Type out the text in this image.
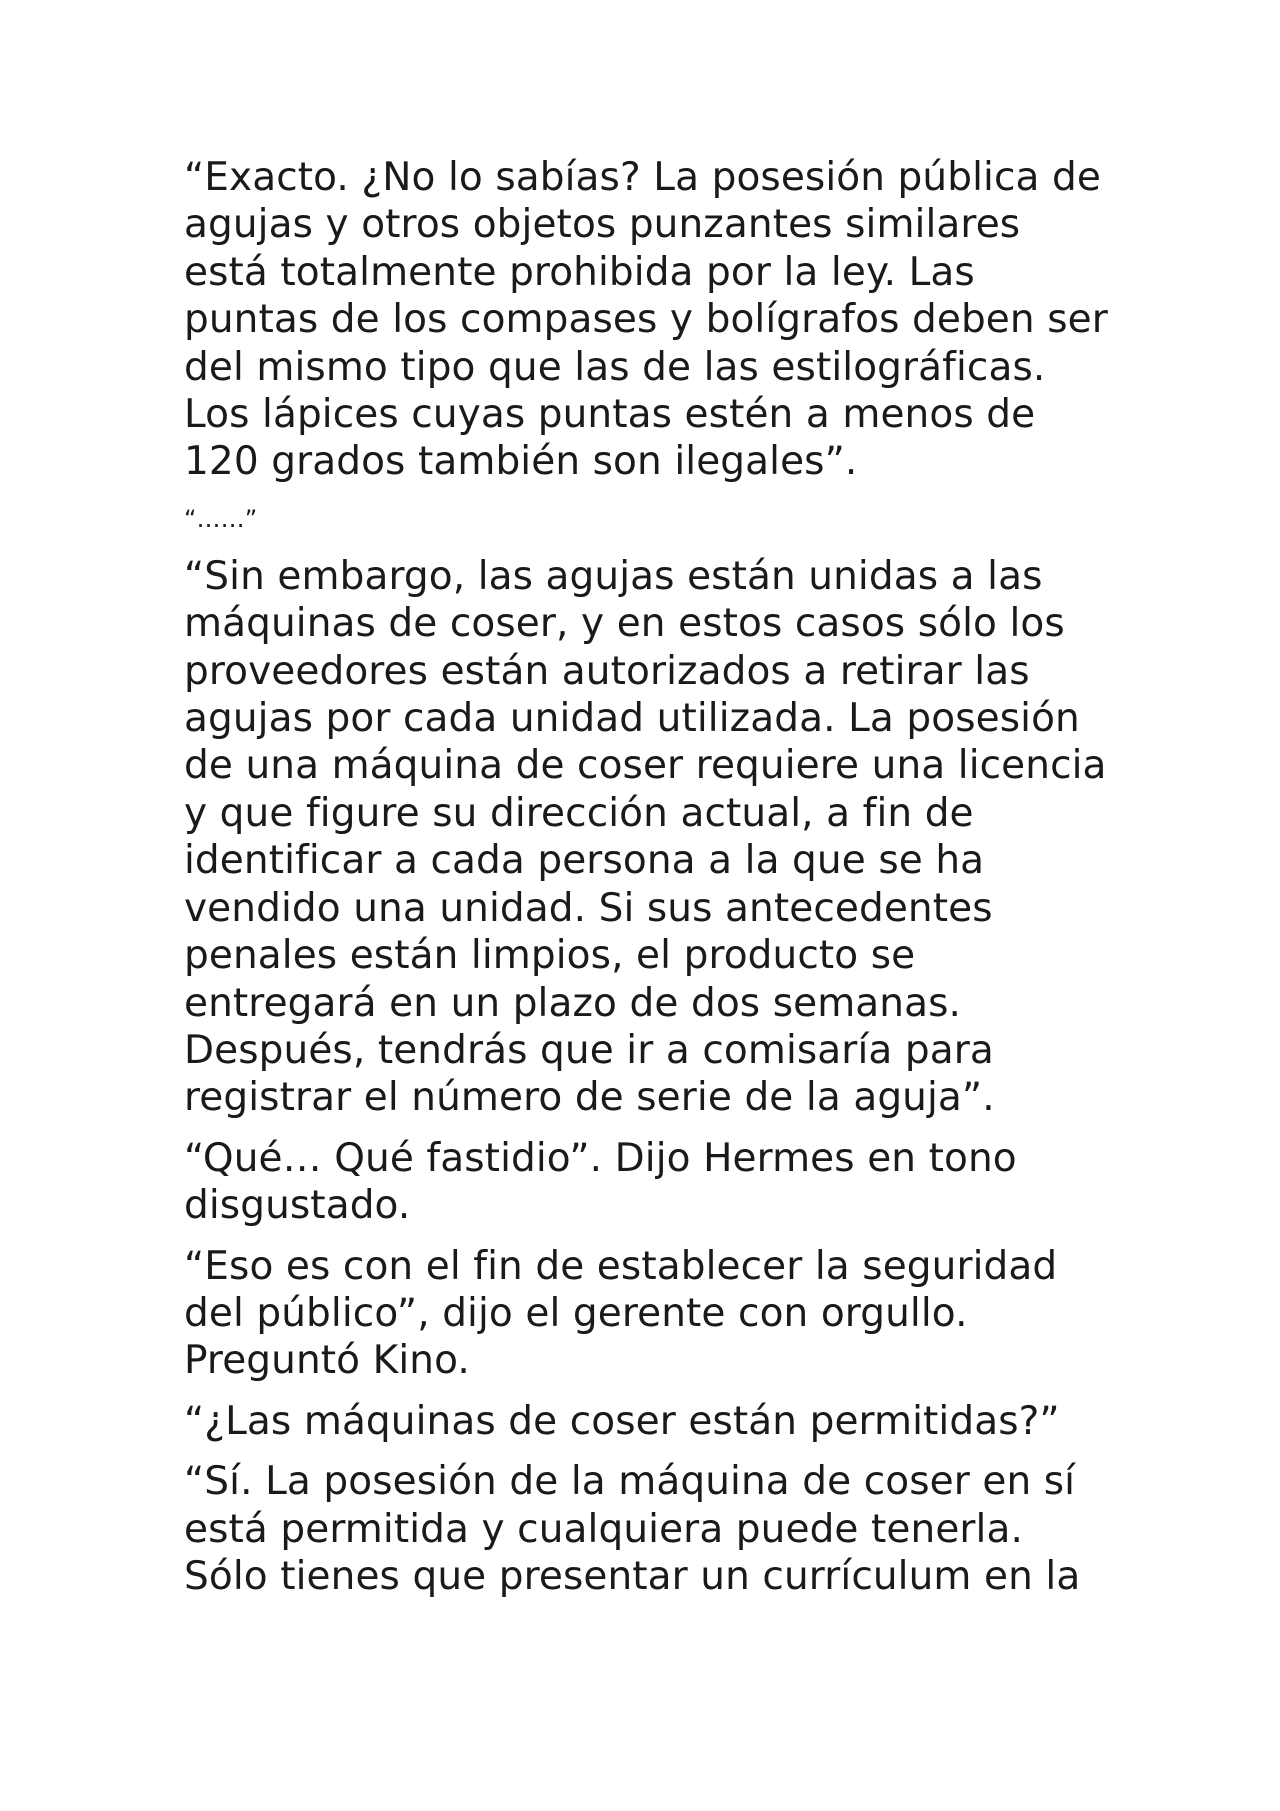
“Exacto. ¿No lo sabías? La posesión pública de
agujas y otros objetos punzantes similares
está totalmente prohibida por la ley. Las
puntas de los compases y bolígrafos deben ser
del mismo tipo que las de las estilográficas.
Los lápices cuyas puntas estén a menos de
120 grados también son ilegales”.

“……”

“Sin embargo, las agujas están unidas a las
máquinas de coser, y en estos casos sólo los
proveedores están autorizados a retirar las
agujas por cada unidad utilizada. La posesión
de una máquina de coser requiere una licencia
y que figure su dirección actual, a fin de
identificar a cada persona a la que se ha
vendido una unidad. Si sus antecedentes
penales están limpios, el producto se
entregará en un plazo de dos semanas.
Después, tendrás que ir a comisaría para
registrar el número de serie de la aguja”.

“Qué… Qué fastidio”. Dijo Hermes en tono
disgustado.

“Eso es con el fin de establecer la seguridad
del público”, dijo el gerente con orgullo.
Preguntó Kino.

“¿Las máquinas de coser están permitidas?”

“Sí. La posesión de la máquina de coser en sí
está permitida y cualquiera puede tenerla.
Sólo tienes que presentar un currículum en la
